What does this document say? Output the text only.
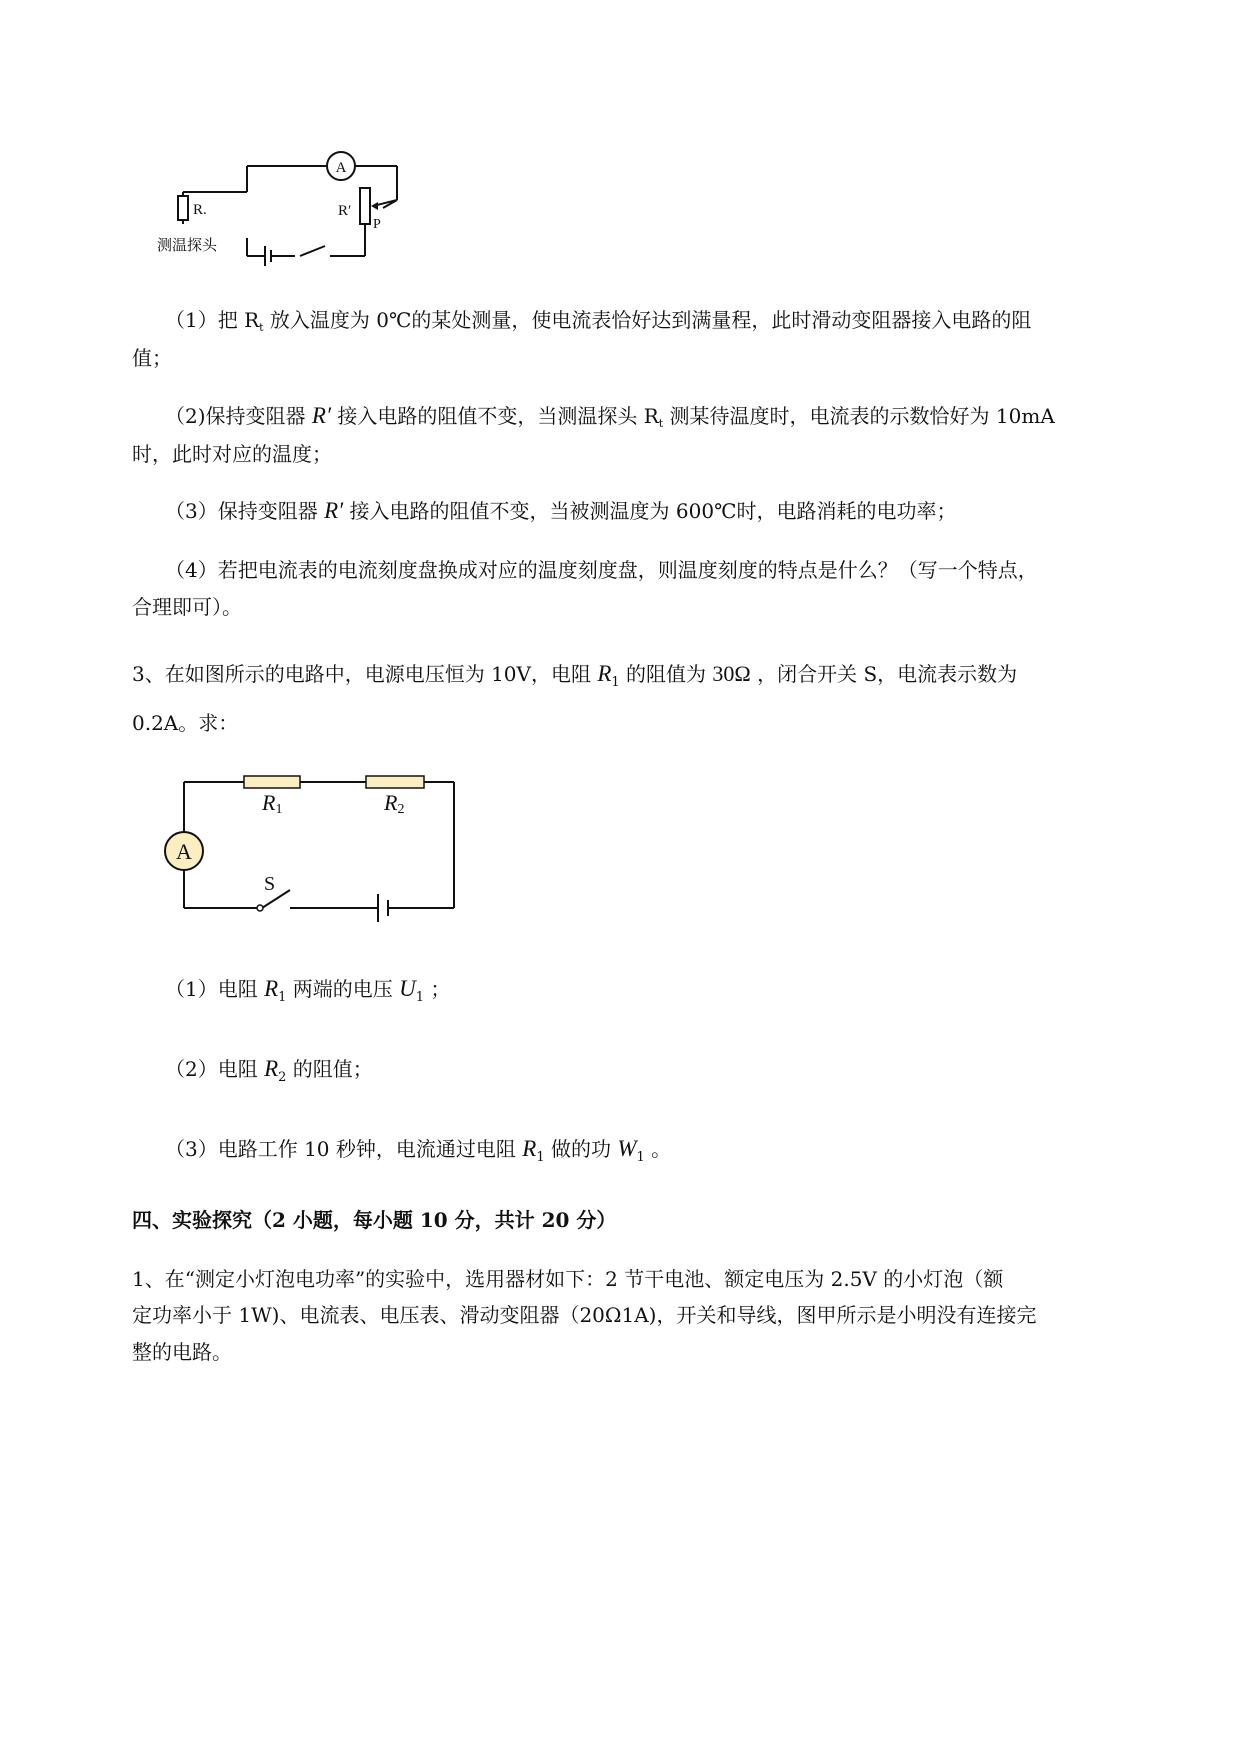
A
R.	R′
P
测温探头
（1）把 $R_t$ 放入温度为 0℃的某处测量，使电流表恰好达到满量程，此时滑动变阻器接入电路的阻
值；
（2)保持变阻器 R′ 接入电路的阻值不变，当测温探头 $R_t$ 测某待温度时，电流表的示数恰好为 10mA
时，此时对应的温度；
（3）保持变阻器 R′ 接入电路的阻值不变，当被测温度为 600℃时，电路消耗的电功率；
（4）若把电流表的电流刻度盘换成对应的温度刻度盘，则温度刻度的特点是什么？（写一个特点，
合理即可）。
3、在如图所示的电路中，电源电压恒为 10V，电阻 $R_1$ 的阻值为 30Ω ，闭合开关 S，电流表示数为
0.2A。求：
A
R1	R2
S
（1）电阻 $R_1$ 两端的电压 $U_1$ ；
（2）电阻 $R_2$ 的阻值；
（3）电路工作 10 秒钟，电流通过电阻 $R_1$ 做的功 $W_1$ 。
四、实验探究（2 小题，每小题 10 分，共计 20 分）
1、在“测定小灯泡电功率”的实验中，选用器材如下：2 节干电池、额定电压为 2.5V 的小灯泡（额
定功率小于 1W)、电流表、电压表、滑动变阻器（20Ω1A)，开关和导线，图甲所示是小明没有连接完
整的电路。
